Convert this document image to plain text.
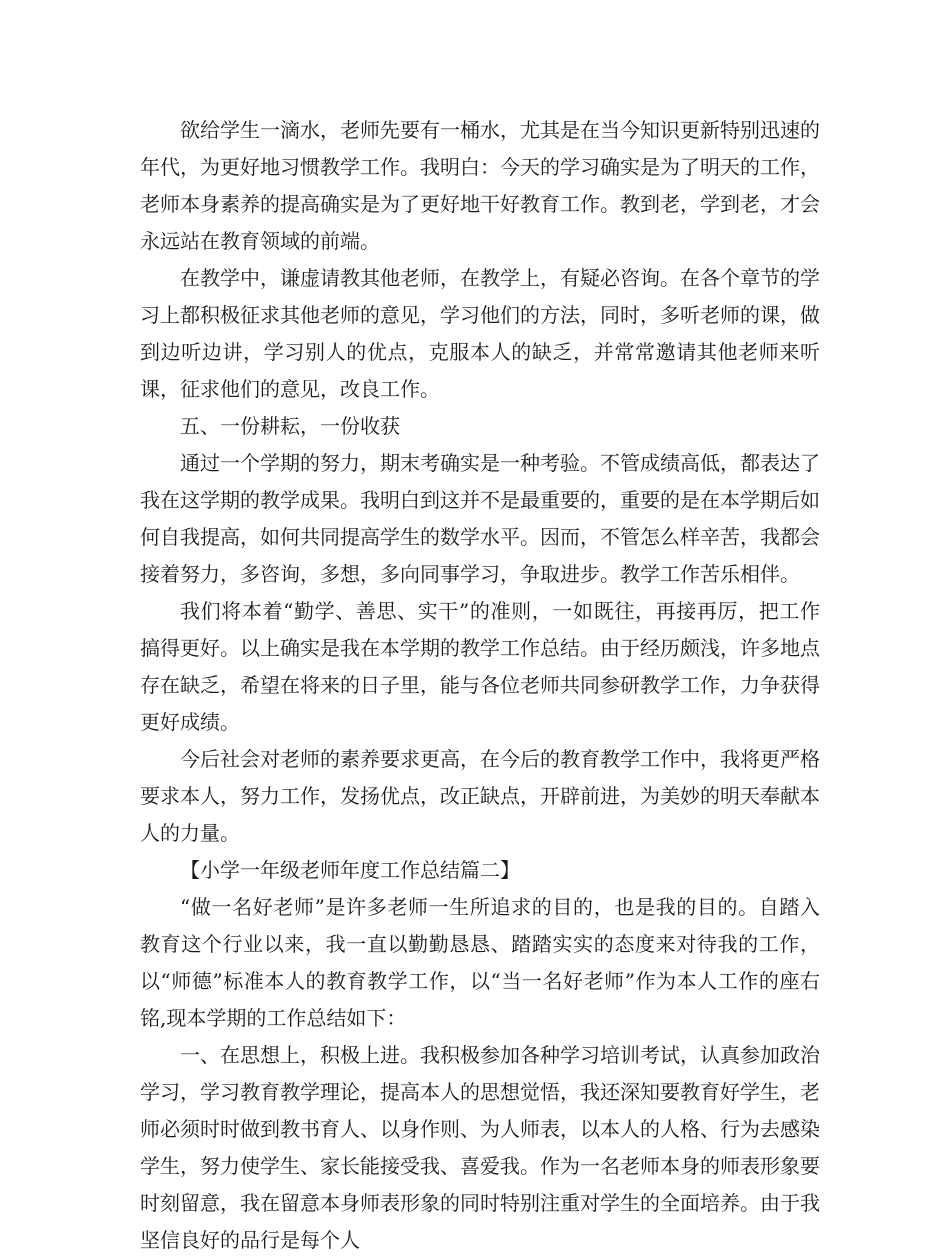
欲给学生一滴水，老师先要有一桶水，尤其是在当今知识更新特别迅速的年代，为更好地习惯教学工作。我明白：今天的学习确实是为了明天的工作，老师本身素养的提高确实是为了更好地干好教育工作。教到老，学到老，才会永远站在教育领域的前端。

在教学中，谦虚请教其他老师，在教学上，有疑必咨询。在各个章节的学习上都积极征求其他老师的意见，学习他们的方法，同时，多听老师的课，做到边听边讲，学习别人的优点，克服本人的缺乏，并常常邀请其他老师来听课，征求他们的意见，改良工作。

五、一份耕耘，一份收获

通过一个学期的努力，期末考确实是一种考验。不管成绩高低，都表达了我在这学期的教学成果。我明白到这并不是最重要的，重要的是在本学期后如何自我提高，如何共同提高学生的数学水平。因而，不管怎么样辛苦，我都会接着努力，多咨询，多想，多向同事学习，争取进步。教学工作苦乐相伴。

我们将本着“勤学、善思、实干”的准则，一如既往，再接再厉，把工作搞得更好。以上确实是我在本学期的教学工作总结。由于经历颇浅，许多地点存在缺乏，希望在将来的日子里，能与各位老师共同参研教学工作，力争获得更好成绩。

今后社会对老师的素养要求更高，在今后的教育教学工作中，我将更严格要求本人，努力工作，发扬优点，改正缺点，开辟前进，为美妙的明天奉献本人的力量。

【小学一年级老师年度工作总结篇二】

“做一名好老师”是许多老师一生所追求的目的，也是我的目的。自踏入教育这个行业以来，我一直以勤勤恳恳、踏踏实实的态度来对待我的工作，以“师德”标准本人的教育教学工作，以“当一名好老师”作为本人工作的座右铭,现本学期的工作总结如下：

一、在思想上，积极上进。我积极参加各种学习培训考试，认真参加政治学习，学习教育教学理论，提高本人的思想觉悟，我还深知要教育好学生，老师必须时时做到教书育人、以身作则、为人师表，以本人的人格、行为去感染学生，努力使学生、家长能接受我、喜爱我。作为一名老师本身的师表形象要时刻留意，我在留意本身师表形象的同时特别注重对学生的全面培养。由于我坚信良好的品行是每个人
